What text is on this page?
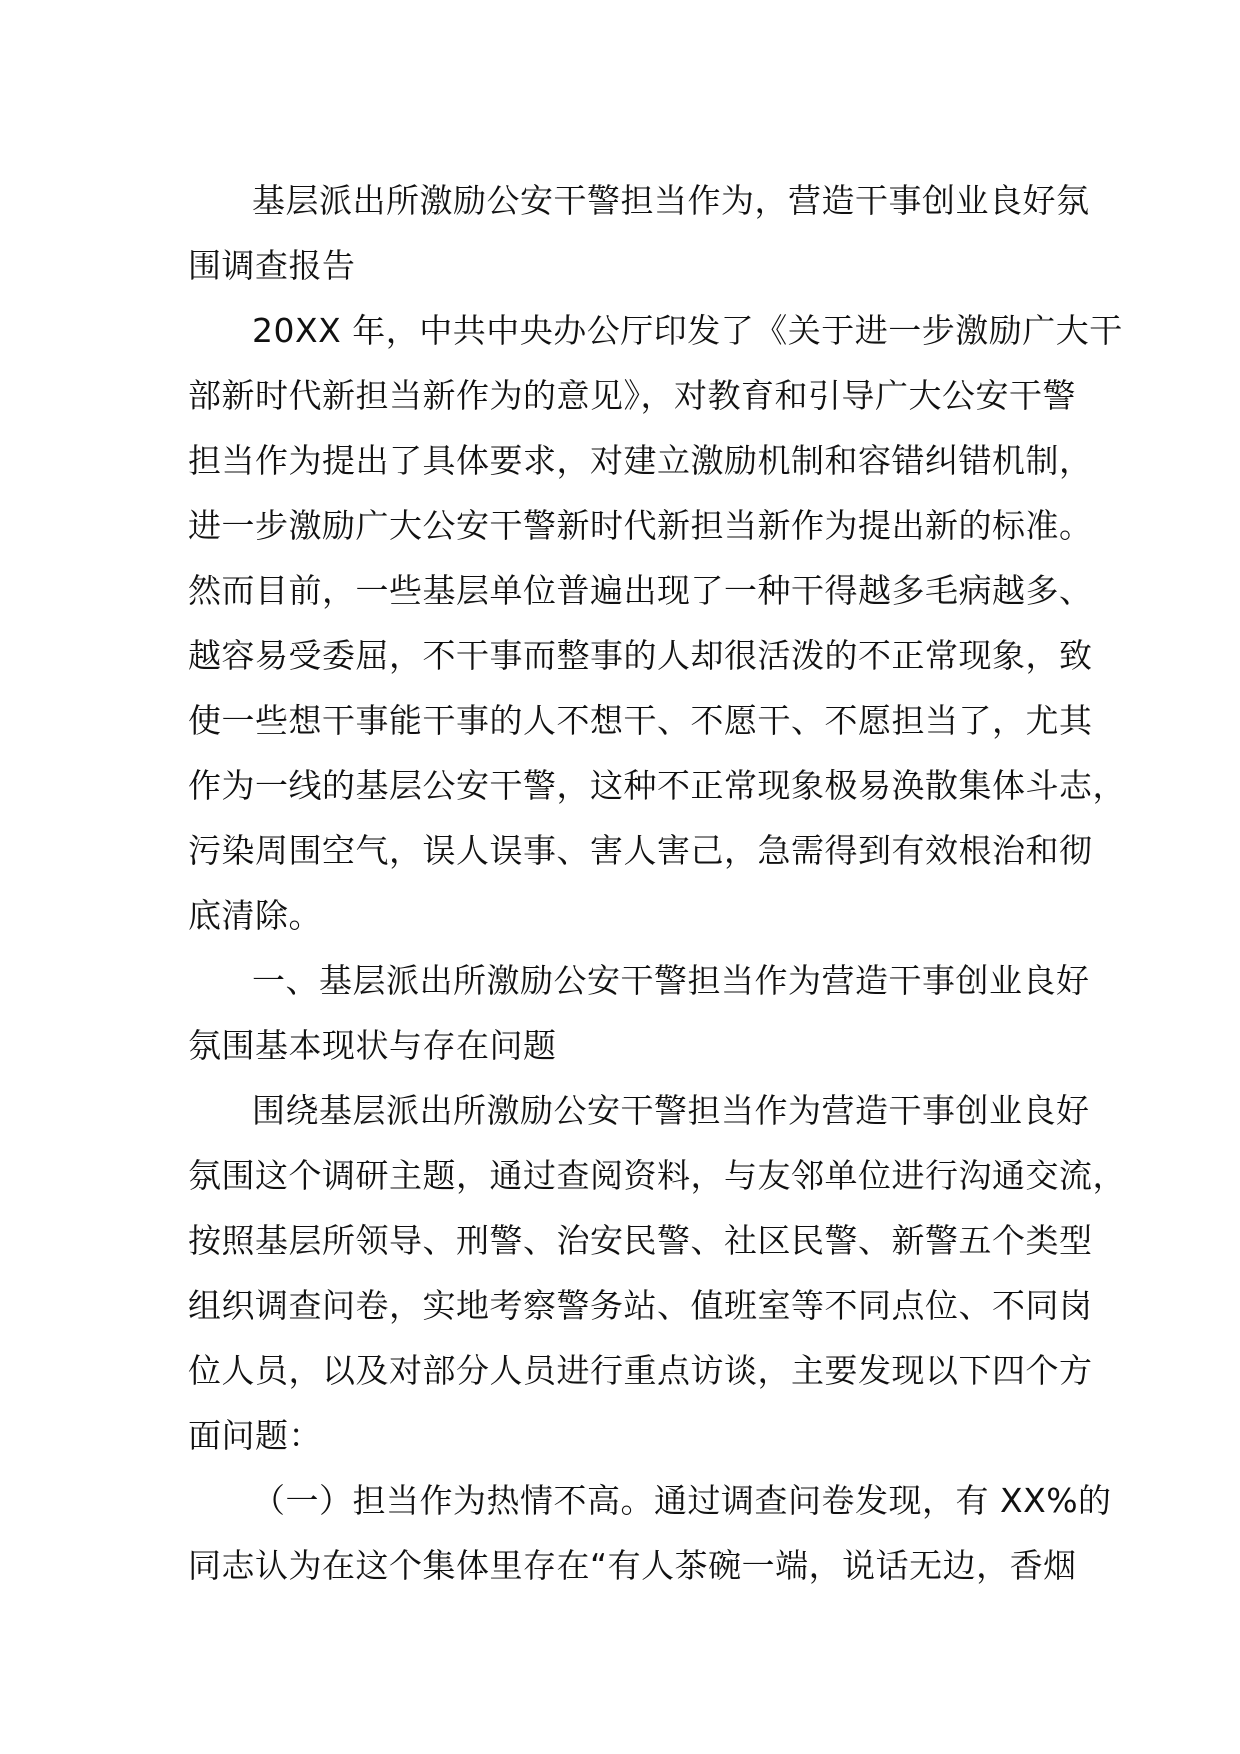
基层派出所激励公安干警担当作为，营造干事创业良好氛
围调查报告
20XX 年，中共中央办公厅印发了《关于进一步激励广大干
部新时代新担当新作为的意见》，对教育和引导广大公安干警
担当作为提出了具体要求，对建立激励机制和容错纠错机制，
进一步激励广大公安干警新时代新担当新作为提出新的标准。
然而目前，一些基层单位普遍出现了一种干得越多毛病越多、
越容易受委屈，不干事而整事的人却很活泼的不正常现象，致
使一些想干事能干事的人不想干、不愿干、不愿担当了，尤其
作为一线的基层公安干警，这种不正常现象极易涣散集体斗志，
污染周围空气，误人误事、害人害己，急需得到有效根治和彻
底清除。
一、基层派出所激励公安干警担当作为营造干事创业良好
氛围基本现状与存在问题
围绕基层派出所激励公安干警担当作为营造干事创业良好
氛围这个调研主题，通过查阅资料，与友邻单位进行沟通交流，
按照基层所领导、刑警、治安民警、社区民警、新警五个类型
组织调查问卷，实地考察警务站、值班室等不同点位、不同岗
位人员，以及对部分人员进行重点访谈，主要发现以下四个方
面问题：
（一）担当作为热情不高。通过调查问卷发现，有 XX%的
同志认为在这个集体里存在“有人茶碗一端，说话无边，香烟
